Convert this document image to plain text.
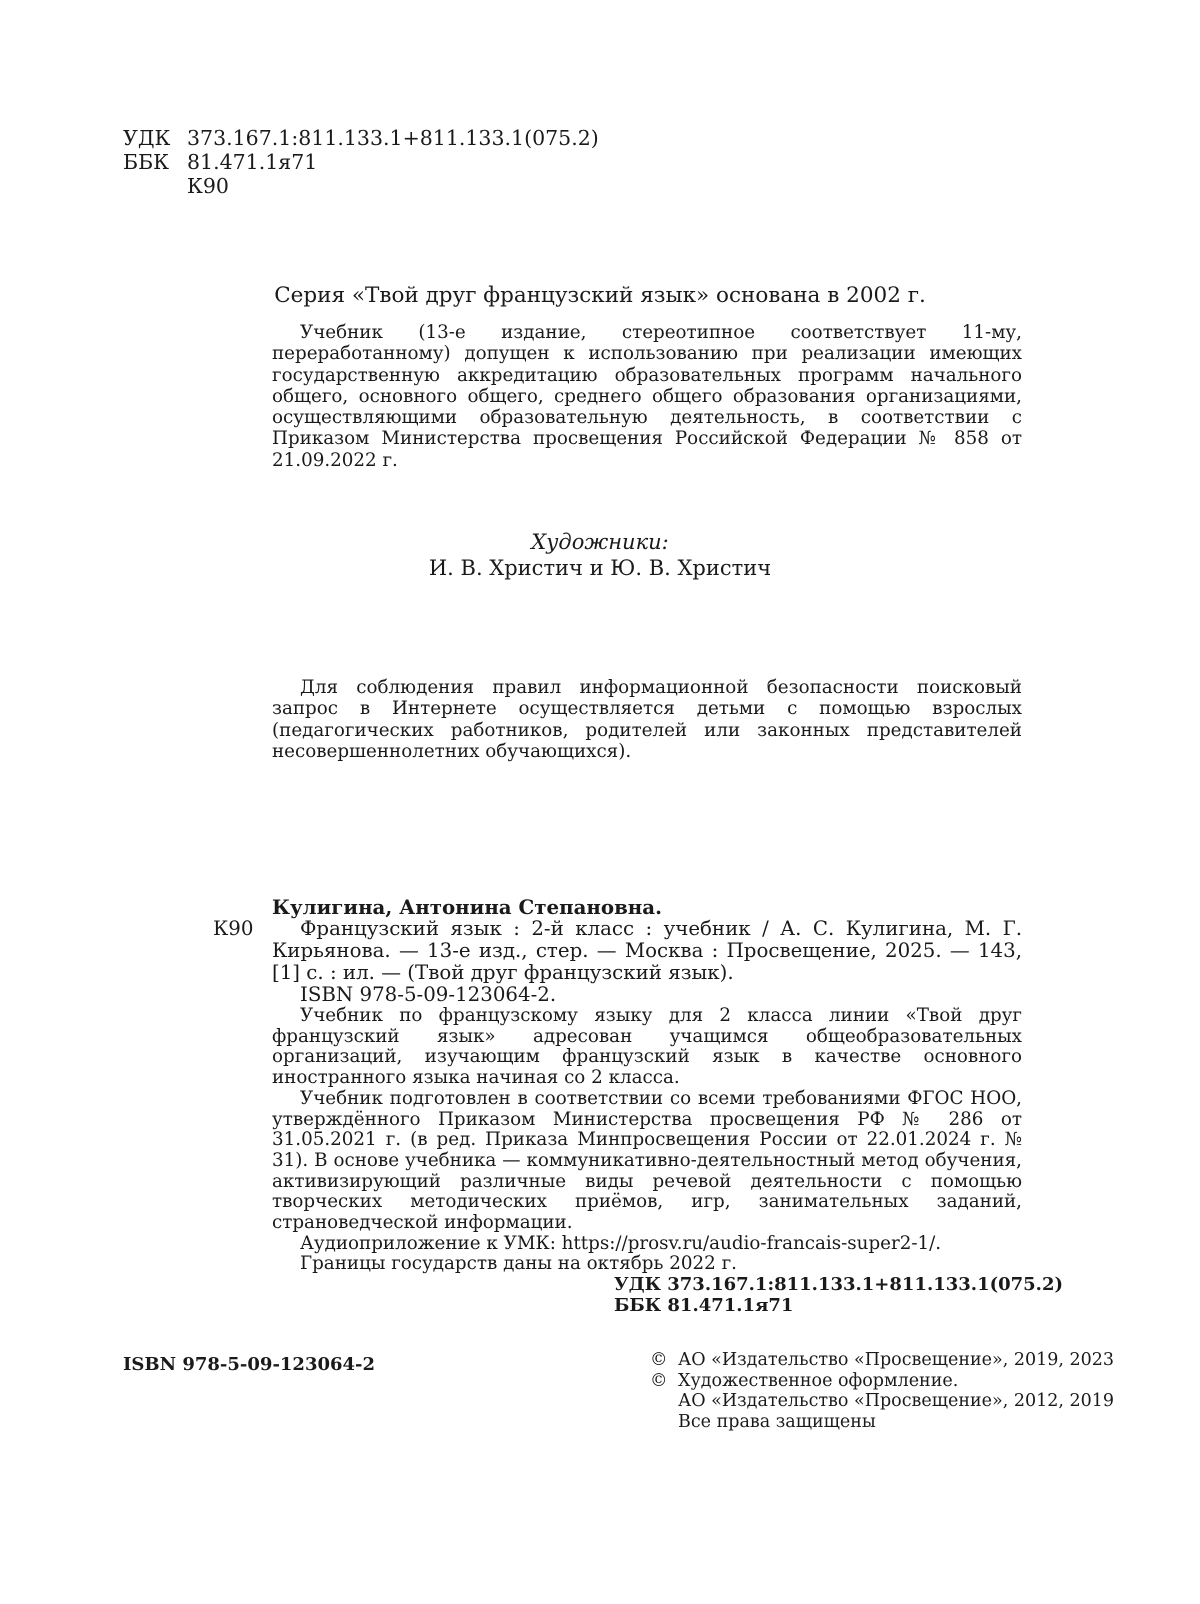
УДК 373.167.1:811.133.1+811.133.1(075.2)
ББК 81.471.1я71
К90
Серия «Твой друг французский язык» основана в 2002 г.
Учебник (13-е издание, стереотипное соответствует 11-му, переработанному) допущен к использованию при реализации имеющих государственную аккредитацию образовательных программ начального общего, основного общего, среднего общего образования организациями, осуществляющими образовательную деятельность, в соответствии с Приказом Министерства просвещения Российской Федерации № 858 от 21.09.2022 г.
Художники:
И. В. Христич и Ю. В. Христич
Для соблюдения правил информационной безопасности поисковый запрос в Интернете осуществляется детьми с помощью взрослых (педагогических работников, родителей или законных представителей несовершеннолетних обучающихся).
К90
Кулигина, Антонина Степановна.
Французский язык : 2-й класс : учебник / А. С. Кулигина, М. Г. Кирьянова. — 13-е изд., стер. — Москва : Просвещение, 2025. — 143, [1] с. : ил. — (Твой друг французский язык).
ISBN 978-5-09-123064-2.
Учебник по французскому языку для 2 класса линии «Твой друг французский язык» адресован учащимся общеобразовательных организаций, изучающим французский язык в качестве основного иностранного языка начиная со 2 класса.
Учебник подготовлен в соответствии со всеми требованиями ФГОС НОО, утверждённого Приказом Министерства просвещения РФ № 286 от 31.05.2021 г. (в ред. Приказа Минпросвещения России от 22.01.2024 г. № 31). В основе учебника — коммуникативно-деятельностный метод обучения, активизирующий различные виды речевой деятельности с помощью творческих методических приёмов, игр, занимательных заданий, страноведческой информации.
Аудиоприложение к УМК: https://prosv.ru/audio-francais-super2-1/.
Границы государств даны на октябрь 2022 г.
УДК 373.167.1:811.133.1+811.133.1(075.2)
ББК 81.471.1я71
ISBN 978-5-09-123064-2	© АО «Издательство «Просвещение», 2019, 2023
© Художественное оформление.
АО «Издательство «Просвещение», 2012, 2019
Все права защищены
